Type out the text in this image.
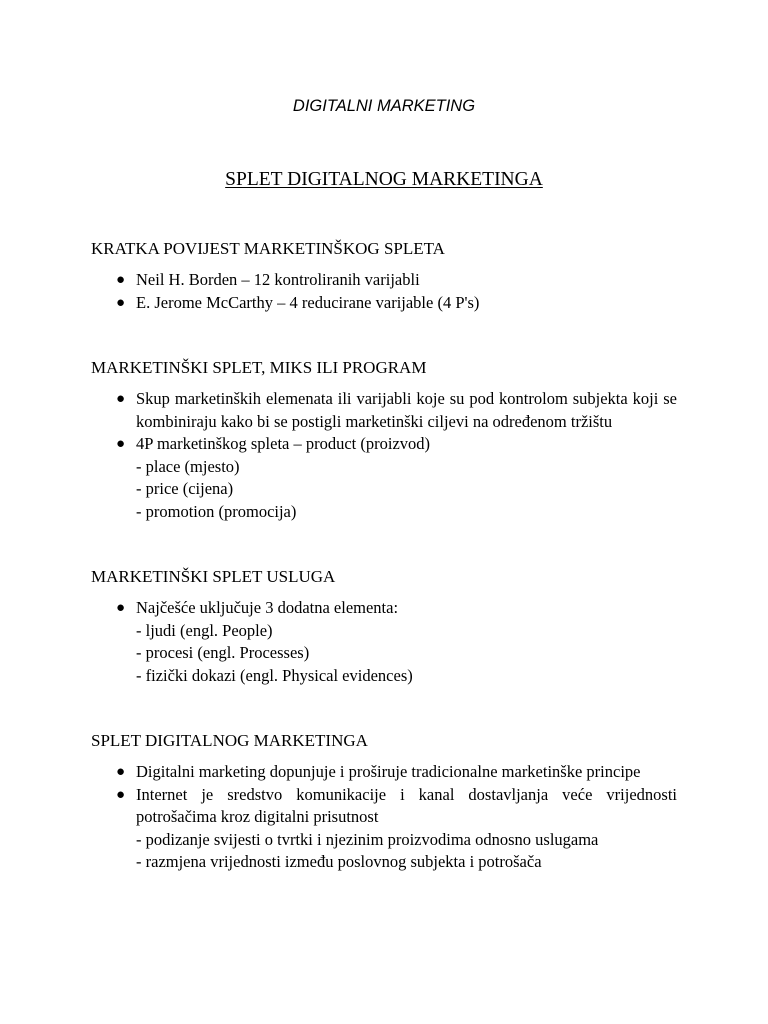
DIGITALNI MARKETING
SPLET DIGITALNOG MARKETINGA
KRATKA POVIJEST MARKETINŠKOG SPLETA
● Neil H. Borden – 12 kontroliranih varijabli
● E. Jerome McCarthy – 4 reducirane varijable (4 P's)
MARKETINŠKI SPLET, MIKS ILI PROGRAM
● Skup marketinških elemenata ili varijabli koje su pod kontrolom subjekta koji se kombiniraju kako bi se postigli marketinški ciljevi na određenom tržištu
● 4P marketinškog spleta – product (proizvod)
- place (mjesto)
- price (cijena)
- promotion (promocija)
MARKETINŠKI SPLET USLUGA
● Najčešće uključuje 3 dodatna elementa:
- ljudi (engl. People)
- procesi (engl. Processes)
- fizički dokazi (engl. Physical evidences)
SPLET DIGITALNOG MARKETINGA
● Digitalni marketing dopunjuje i proširuje tradicionalne marketinške principe
● Internet je sredstvo komunikacije i kanal dostavljanja veće vrijednosti potrošačima kroz digitalni prisutnost
- podizanje svijesti o tvrtki i njezinim proizvodima odnosno uslugama
- razmjena vrijednosti između poslovnog subjekta i potrošača
